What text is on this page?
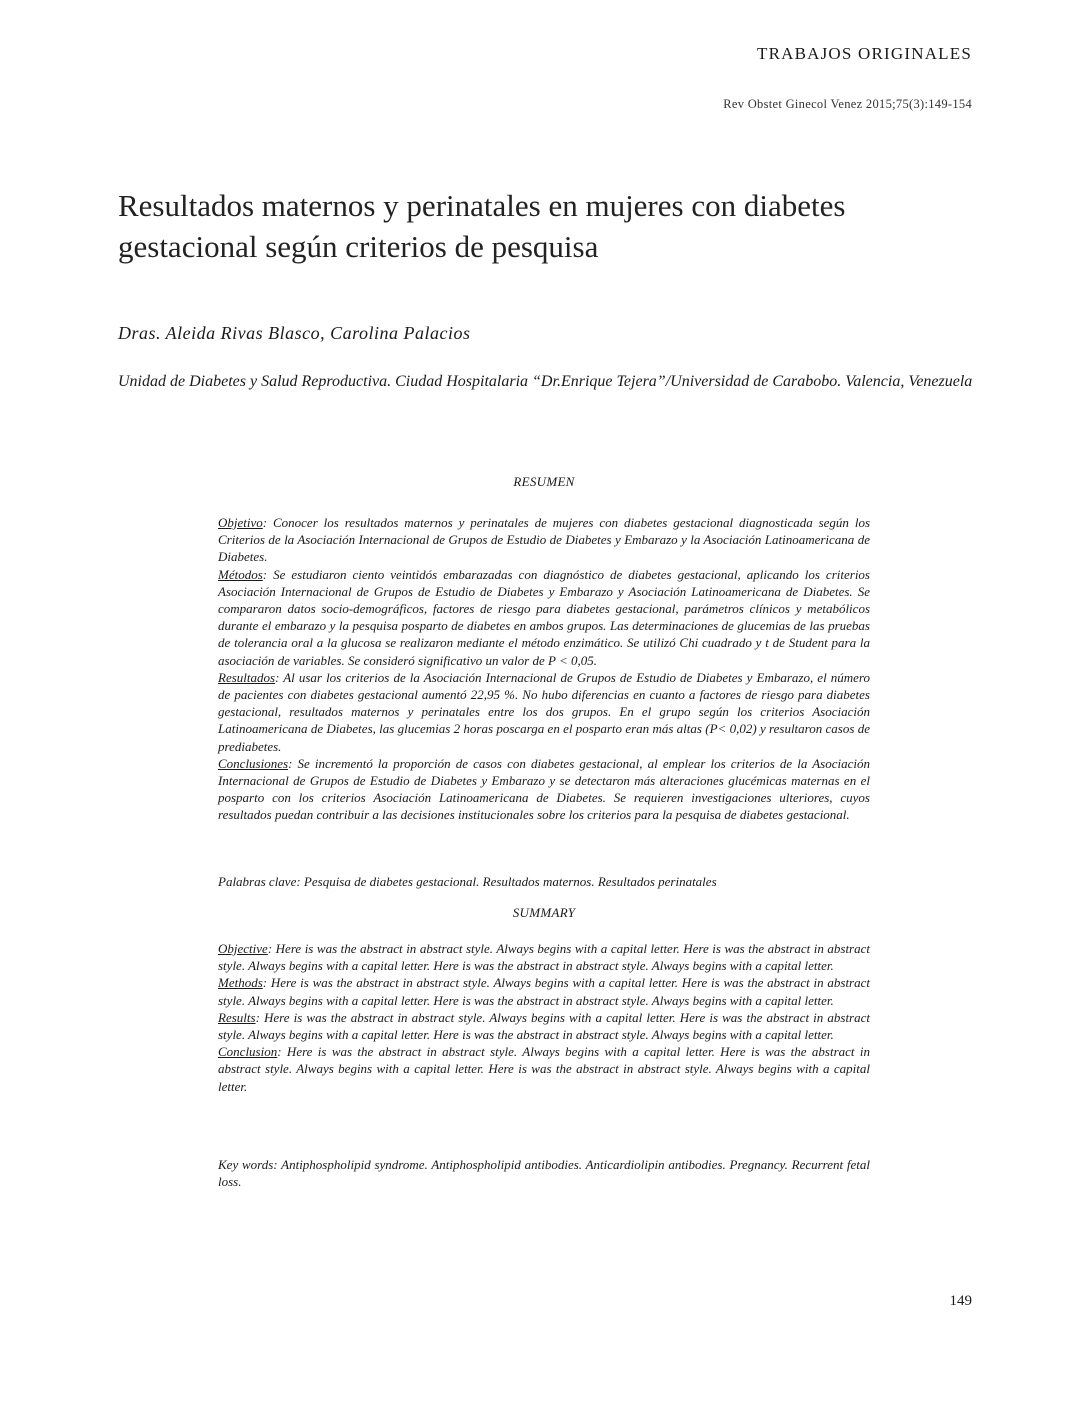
TRABAJOS ORIGINALES
Rev Obstet Ginecol Venez 2015;75(3):149-154
Resultados maternos y perinatales en mujeres con diabetes gestacional según criterios de pesquisa
Dras. Aleida Rivas Blasco, Carolina Palacios
Unidad de Diabetes y Salud Reproductiva. Ciudad Hospitalaria “Dr.Enrique Tejera”/Universidad de Carabobo. Valencia, Venezuela
RESUMEN

Objetivo: Conocer los resultados maternos y perinatales de mujeres con diabetes gestacional diagnosticada según los Criterios de la Asociación Internacional de Grupos de Estudio de Diabetes y Embarazo y la Asociación Latinoamericana de Diabetes.

Métodos: Se estudiaron ciento veintidós embarazadas con diagnóstico de diabetes gestacional, aplicando los criterios Asociación Internacional de Grupos de Estudio de Diabetes y Embarazo y Asociación Latinoamericana de Diabetes. Se compararon datos socio-demográficos, factores de riesgo para diabetes gestacional, parámetros clínicos y metabólicos durante el embarazo y la pesquisa posparto de diabetes en ambos grupos. Las determinaciones de glucemias de las pruebas de tolerancia oral a la glucosa se realizaron mediante el método enzimático. Se utilizó Chi cuadrado y t de Student para la asociación de variables. Se consideró significativo un valor de P < 0,05.

Resultados: Al usar los criterios de la Asociación Internacional de Grupos de Estudio de Diabetes y Embarazo, el número de pacientes con diabetes gestacional aumentó 22,95 %. No hubo diferencias en cuanto a factores de riesgo para diabetes gestacional, resultados maternos y perinatales entre los dos grupos. En el grupo según los criterios Asociación Latinoamericana de Diabetes, las glucemias 2 horas poscarga en el posparto eran más altas (P< 0,02) y resultaron casos de prediabetes.

Conclusiones: Se incrementó la proporción de casos con diabetes gestacional, al emplear los criterios de la Asociación Internacional de Grupos de Estudio de Diabetes y Embarazo y se detectaron más alteraciones glucémicas maternas en el posparto con los criterios Asociación Latinoamericana de Diabetes. Se requieren investigaciones ulteriores, cuyos resultados puedan contribuir a las decisiones institucionales sobre los criterios para la pesquisa de diabetes gestacional.

Palabras clave: Pesquisa de diabetes gestacional. Resultados maternos. Resultados perinatales
SUMMARY

Objective: Here is was the abstract in abstract style. Always begins with a capital letter. Here is was the abstract in abstract style. Always begins with a capital letter. Here is was the abstract in abstract style. Always begins with a capital letter.

Methods: Here is was the abstract in abstract style. Always begins with a capital letter. Here is was the abstract in abstract style. Always begins with a capital letter. Here is was the abstract in abstract style. Always begins with a capital letter.

Results: Here is was the abstract in abstract style. Always begins with a capital letter. Here is was the abstract in abstract style. Always begins with a capital letter. Here is was the abstract in abstract style. Always begins with a capital letter.

Conclusion: Here is was the abstract in abstract style. Always begins with a capital letter. Here is was the abstract in abstract style. Always begins with a capital letter. Here is was the abstract in abstract style. Always begins with a capital letter.

Key words: Antiphospholipid syndrome. Antiphospholipid antibodies. Anticardiolipin antibodies. Pregnancy. Recurrent fetal loss.
149
